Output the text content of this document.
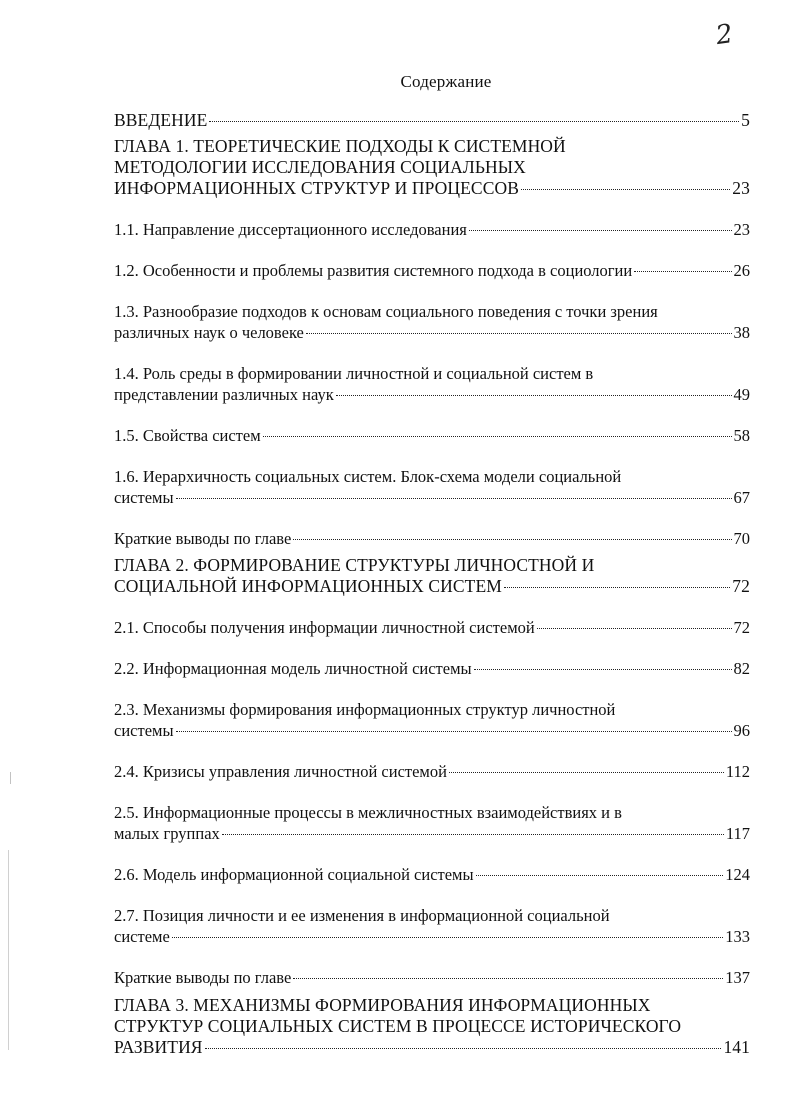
2
Содержание
ВВЕДЕНИЕ	5
ГЛАВА 1. ТЕОРЕТИЧЕСКИЕ ПОДХОДЫ К СИСТЕМНОЙ
МЕТОДОЛОГИИ ИССЛЕДОВАНИЯ СОЦИАЛЬНЫХ
ИНФОРМАЦИОННЫХ СТРУКТУР И ПРОЦЕССОВ	23
1.1. Направление диссертационного исследования	23
1.2. Особенности и проблемы развития системного подхода в социологии	26
1.3. Разнообразие подходов к основам социального поведения с точки зрения
различных наук о человеке	38
1.4. Роль среды в формировании личностной и социальной систем в
представлении различных наук	49
1.5. Свойства систем	58
1.6. Иерархичность социальных систем. Блок-схема модели социальной
системы	67
Краткие выводы по главе	70
ГЛАВА 2. ФОРМИРОВАНИЕ СТРУКТУРЫ ЛИЧНОСТНОЙ И
СОЦИАЛЬНОЙ ИНФОРМАЦИОННЫХ СИСТЕМ	72
2.1. Способы получения информации личностной системой	72
2.2. Информационная модель личностной системы	82
2.3. Механизмы формирования информационных структур личностной
системы	96
2.4. Кризисы управления личностной системой	112
2.5. Информационные процессы в межличностных взаимодействиях и в
малых группах	117
2.6. Модель информационной социальной системы	124
2.7. Позиция личности и ее изменения в информационной социальной
системе	133
Краткие выводы по главе	137
ГЛАВА 3. МЕХАНИЗМЫ ФОРМИРОВАНИЯ ИНФОРМАЦИОННЫХ
СТРУКТУР СОЦИАЛЬНЫХ СИСТЕМ В ПРОЦЕССЕ ИСТОРИЧЕСКОГО
РАЗВИТИЯ	141
